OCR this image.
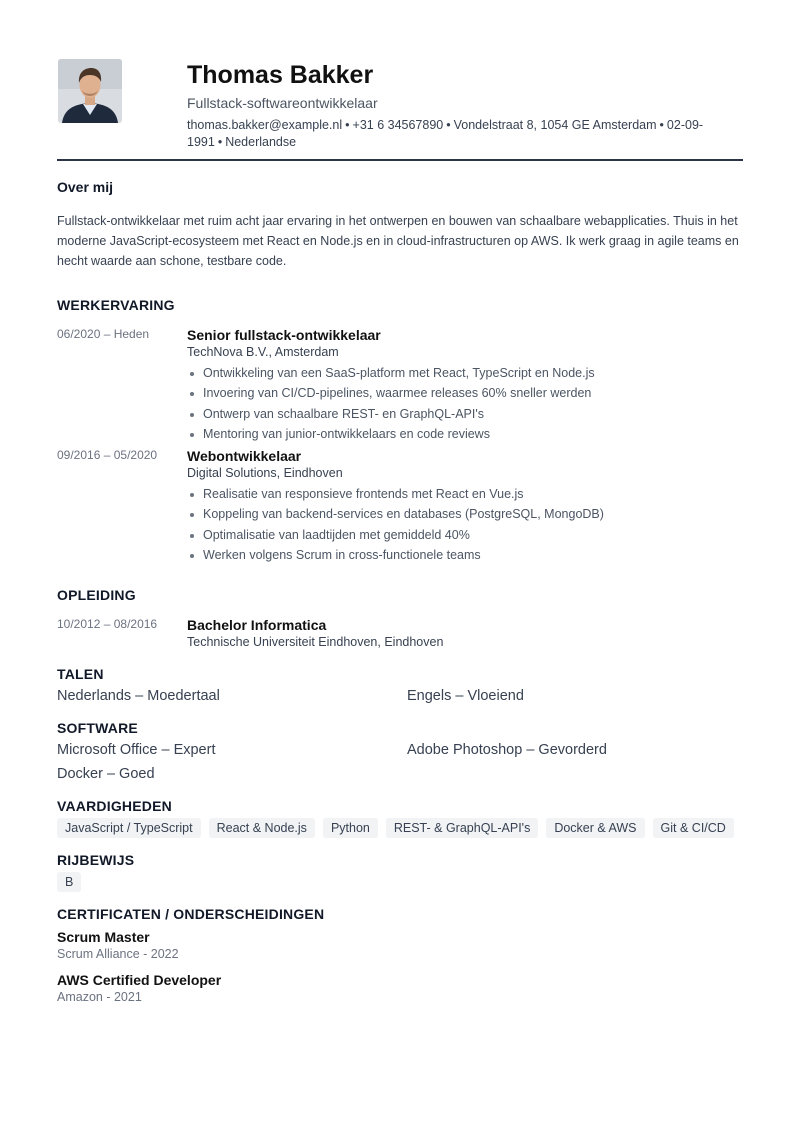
Thomas Bakker
Fullstack-softwareontwikkelaar
thomas.bakker@example.nl • +31 6 34567890 • Vondelstraat 8, 1054 GE Amsterdam • 02-09-1991 • Nederlandse
Over mij
Fullstack-ontwikkelaar met ruim acht jaar ervaring in het ontwerpen en bouwen van schaalbare webapplicaties. Thuis in het moderne JavaScript-ecosysteem met React en Node.js en in cloud-infrastructuren op AWS. Ik werk graag in agile teams en hecht waarde aan schone, testbare code.
WERKERVARING
06/2020 – Heden	Senior fullstack-ontwikkelaar
TechNova B.V., Amsterdam
Ontwikkeling van een SaaS-platform met React, TypeScript en Node.js
Invoering van CI/CD-pipelines, waarmee releases 60% sneller werden
Ontwerp van schaalbare REST- en GraphQL-API's
Mentoring van junior-ontwikkelaars en code reviews
09/2016 – 05/2020	Webontwikkelaar
Digital Solutions, Eindhoven
Realisatie van responsieve frontends met React en Vue.js
Koppeling van backend-services en databases (PostgreSQL, MongoDB)
Optimalisatie van laadtijden met gemiddeld 40%
Werken volgens Scrum in cross-functionele teams
OPLEIDING
10/2012 – 08/2016	Bachelor Informatica
Technische Universiteit Eindhoven, Eindhoven
TALEN
Nederlands – Moedertaal	Engels – Vloeiend
SOFTWARE
Microsoft Office – Expert	Adobe Photoshop – Gevorderd
Docker – Goed
VAARDIGHEDEN
JavaScript / TypeScript	React & Node.js	Python	REST- & GraphQL-API's	Docker & AWS	Git & CI/CD
RIJBEWIJS
B
CERTIFICATEN / ONDERSCHEIDINGEN
Scrum Master
Scrum Alliance - 2022
AWS Certified Developer
Amazon - 2021
